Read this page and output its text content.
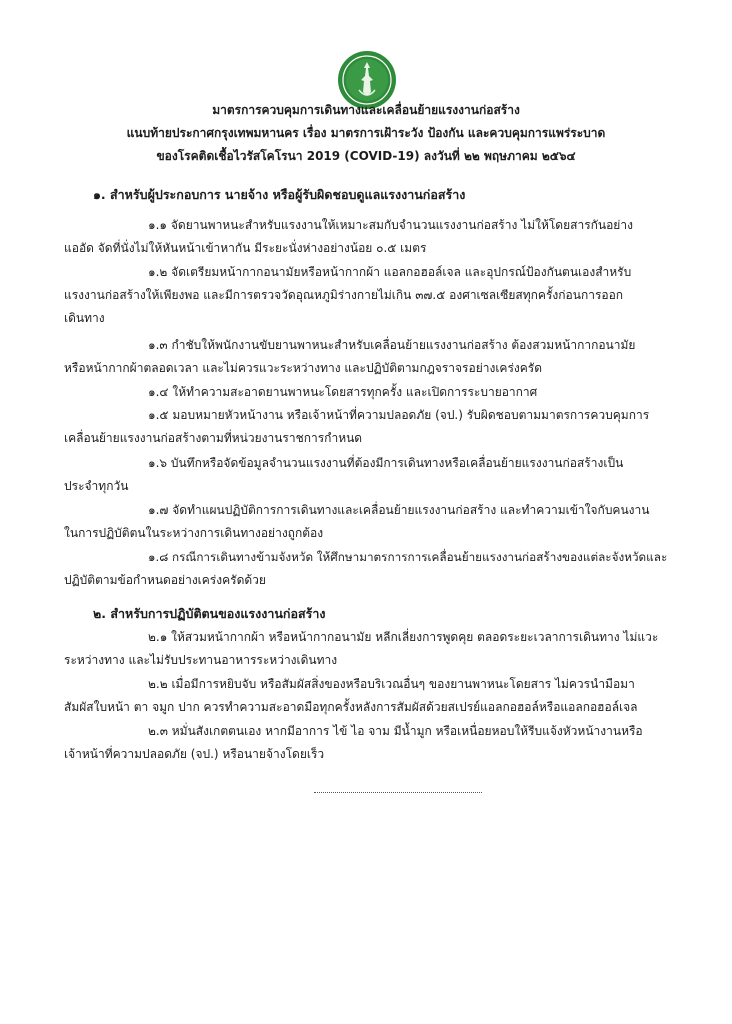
มาตรการควบคุมการเดินทางและเคลื่อนย้ายแรงงานก่อสร้าง
แนบท้ายประกาศกรุงเทพมหานคร เรื่อง มาตรการเฝ้าระวัง ป้องกัน และควบคุมการแพร่ระบาด
ของโรคติดเชื้อไวรัสโคโรนา 2019 (COVID-19) ลงวันที่ ๒๒ พฤษภาคม ๒๕๖๔
๑. สำหรับผู้ประกอบการ นายจ้าง หรือผู้รับผิดชอบดูแลแรงงานก่อสร้าง
๑.๑ จัดยานพาหนะสำหรับแรงงานให้เหมาะสมกับจำนวนแรงงานก่อสร้าง ไม่ให้โดยสารกันอย่าง
แออัด จัดที่นั่งไม่ให้หันหน้าเข้าหากัน มีระยะนั่งห่างอย่างน้อย ๐.๕ เมตร
๑.๒ จัดเตรียมหน้ากากอนามัยหรือหน้ากากผ้า แอลกอฮอล์เจล และอุปกรณ์ป้องกันตนเองสำหรับ
แรงงานก่อสร้างให้เพียงพอ และมีการตรวจวัดอุณหภูมิร่างกายไม่เกิน ๓๗.๕ องศาเซลเซียสทุกครั้งก่อนการออก
เดินทาง
๑.๓ กำชับให้พนักงานขับยานพาหนะสำหรับเคลื่อนย้ายแรงงานก่อสร้าง ต้องสวมหน้ากากอนามัย
หรือหน้ากากผ้าตลอดเวลา และไม่ควรแวะระหว่างทาง และปฏิบัติตามกฎจราจรอย่างเคร่งครัด
๑.๔ ให้ทำความสะอาดยานพาหนะโดยสารทุกครั้ง และเปิดการระบายอากาศ
๑.๕ มอบหมายหัวหน้างาน หรือเจ้าหน้าที่ความปลอดภัย (จป.) รับผิดชอบตามมาตรการควบคุมการ
เคลื่อนย้ายแรงงานก่อสร้างตามที่หน่วยงานราชการกำหนด
๑.๖ บันทึกหรือจัดข้อมูลจำนวนแรงงานที่ต้องมีการเดินทางหรือเคลื่อนย้ายแรงงานก่อสร้างเป็น
ประจำทุกวัน
๑.๗ จัดทำแผนปฏิบัติการการเดินทางและเคลื่อนย้ายแรงงานก่อสร้าง และทำความเข้าใจกับคนงาน
ในการปฏิบัติตนในระหว่างการเดินทางอย่างถูกต้อง
๑.๘ กรณีการเดินทางข้ามจังหวัด ให้ศึกษามาตรการการเคลื่อนย้ายแรงงานก่อสร้างของแต่ละจังหวัดและ
ปฏิบัติตามข้อกำหนดอย่างเคร่งครัดด้วย
๒. สำหรับการปฏิบัติตนของแรงงานก่อสร้าง
๒.๑ ให้สวมหน้ากากผ้า หรือหน้ากากอนามัย หลีกเลี่ยงการพูดคุย ตลอดระยะเวลาการเดินทาง ไม่แวะ
ระหว่างทาง และไม่รับประทานอาหารระหว่างเดินทาง
๒.๒ เมื่อมีการหยิบจับ หรือสัมผัสสิ่งของหรือบริเวณอื่นๆ ของยานพาหนะโดยสาร ไม่ควรนำมือมา
สัมผัสใบหน้า ตา จมูก ปาก ควรทำความสะอาดมือทุกครั้งหลังการสัมผัสด้วยสเปรย์แอลกอฮอล์หรือแอลกอฮอล์เจล
๒.๓ หมั่นสังเกตตนเอง หากมีอาการ ไข้ ไอ จาม มีน้ำมูก หรือเหนื่อยหอบให้รีบแจ้งหัวหน้างานหรือ
เจ้าหน้าที่ความปลอดภัย (จป.) หรือนายจ้างโดยเร็ว
